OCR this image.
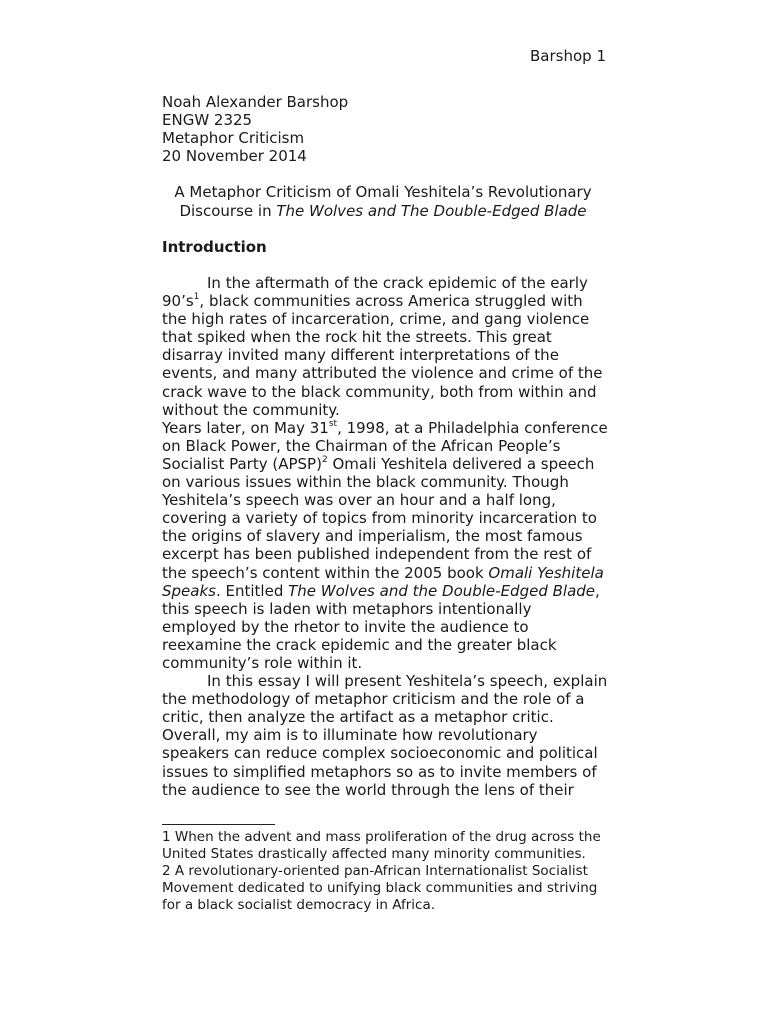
Barshop 1
Noah Alexander Barshop
ENGW 2325
Metaphor Criticism
20 November 2014
A Metaphor Criticism of Omali Yeshitela’s Revolutionary
Discourse in The Wolves and The Double-Edged Blade
Introduction

In the aftermath of the crack epidemic of the early $90’s^1$, black communities across America struggled with the high rates of incarceration, crime, and gang violence that spiked when the rock hit the streets. This great disarray invited many different interpretations of the events, and many attributed the violence and crime of the crack wave to the black community, both from within and without the community.

Years later, on May 31st, 1998, at a Philadelphia conference on Black Power, the Chairman of the African People’s Socialist Party (APSP)$^2$ Omali Yeshitela delivered a speech on various issues within the black community. Though Yeshitela’s speech was over an hour and a half long, covering a variety of topics from minority incarceration to the origins of slavery and imperialism, the most famous excerpt has been published independent from the rest of the speech’s content within the 2005 book Omali Yeshitela Speaks. Entitled The Wolves and the Double-Edged Blade, this speech is laden with metaphors intentionally employed by the rhetor to invite the audience to reexamine the crack epidemic and the greater black community’s role within it.

In this essay I will present Yeshitela’s speech, explain the methodology of metaphor criticism and the role of a critic, then analyze the artifact as a metaphor critic. Overall, my aim is to illuminate how revolutionary speakers can reduce complex socioeconomic and political issues to simplified metaphors so as to invite members of the audience to see the world through the lens of their

1 When the advent and mass proliferation of the drug across the United States drastically affected many minority communities.

2 A revolutionary-oriented pan-African Internationalist Socialist Movement dedicated to unifying black communities and striving for a black socialist democracy in Africa.
